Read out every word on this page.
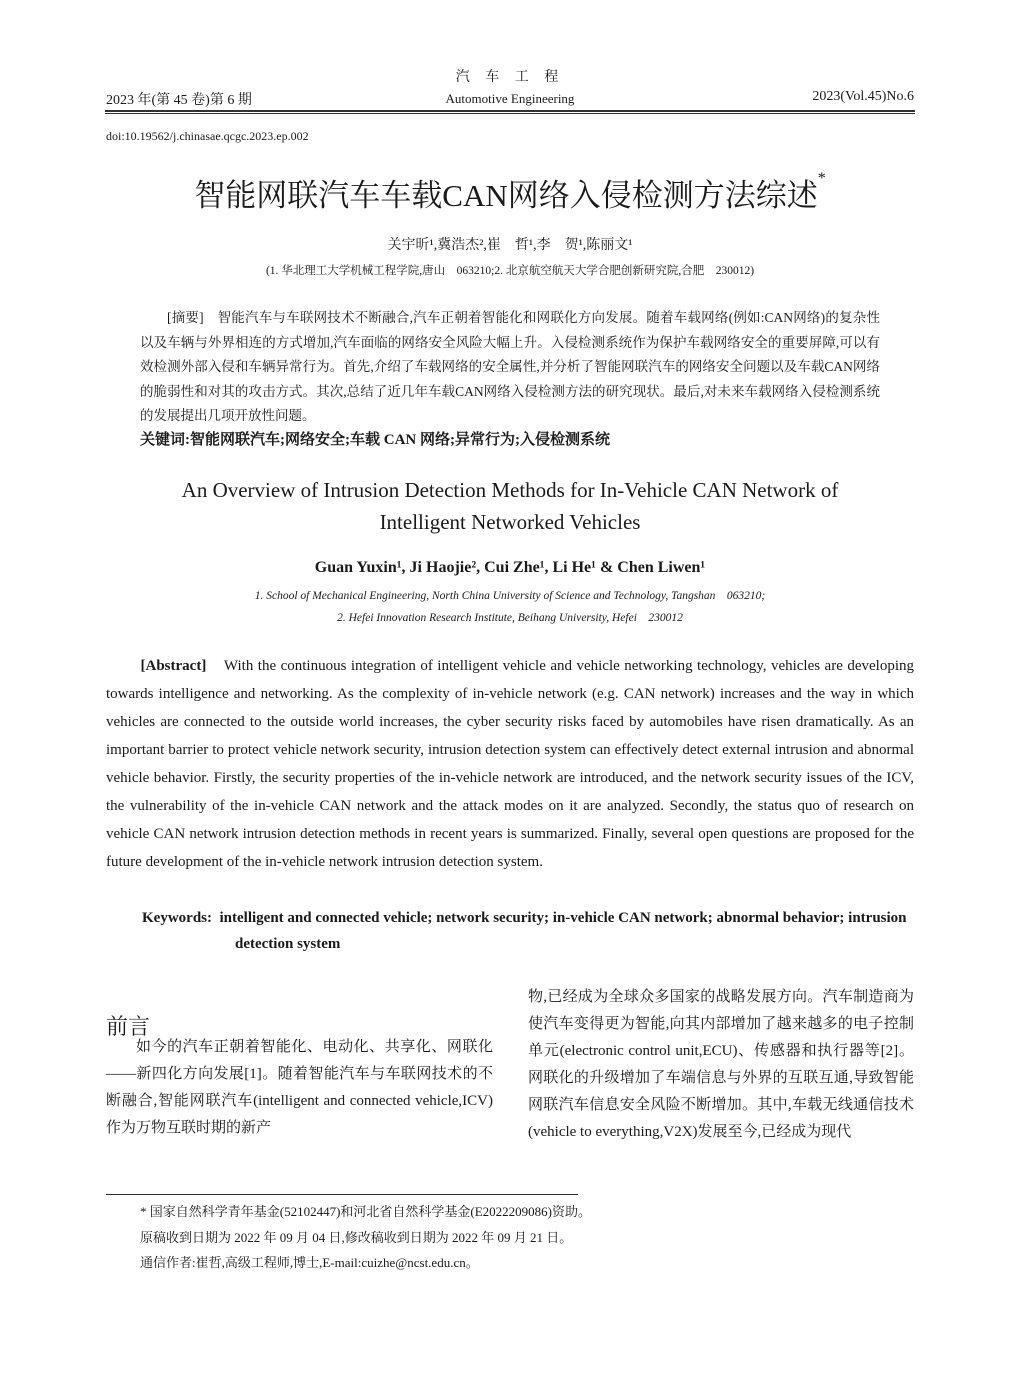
汽 车 工 程
2023 年(第 45 卷)第 6 期	Automotive Engineering	2023(Vol.45)No.6
doi:10.19562/j.chinasae.qcgc.2023.ep.002
智能网联汽车车载CAN网络入侵检测方法综述*
关宇昕¹,冀浩杰²,崔　哲¹,李　贺¹,陈丽文¹
(1. 华北理工大学机械工程学院,唐山　063210;2. 北京航空航天大学合肥创新研究院,合肥　230012)
[摘要]　 智能汽车与车联网技术不断融合,汽车正朝着智能化和网联化方向发展。随着车载网络(例如:CAN网络)的复杂性以及车辆与外界相连的方式增加,汽车面临的网络安全风险大幅上升。入侵检测系统作为保护车载网络安全的重要屏障,可以有效检测外部入侵和车辆异常行为。首先,介绍了车载网络的安全属性,并分析了智能网联汽车的网络安全问题以及车载CAN网络的脆弱性和对其的攻击方式。其次,总结了近几年车载CAN网络入侵检测方法的研究现状。最后,对未来车载网络入侵检测系统的发展提出几项开放性问题。
关键词:智能网联汽车;网络安全;车载 CAN 网络;异常行为;入侵检测系统
An Overview of Intrusion Detection Methods for In-Vehicle CAN Network of Intelligent Networked Vehicles
Guan Yuxin¹, Ji Haojie², Cui Zhe¹, Li He¹ & Chen Liwen¹
1. School of Mechanical Engineering, North China University of Science and Technology, Tangshan　063210;
2. Hefei Innovation Research Institute, Beihang University, Hefei　230012
[Abstract] With the continuous integration of intelligent vehicle and vehicle networking technology, vehicles are developing towards intelligence and networking. As the complexity of in-vehicle network (e.g. CAN network) increases and the way in which vehicles are connected to the outside world increases, the cyber security risks faced by automobiles have risen dramatically. As an important barrier to protect vehicle network security, intrusion detection system can effectively detect external intrusion and abnormal vehicle behavior. Firstly, the security properties of the in-vehicle network are introduced, and the network security issues of the ICV, the vulnerability of the in-vehicle CAN network and the attack modes on it are analyzed. Secondly, the status quo of research on vehicle CAN network intrusion detection methods in recent years is summarized. Finally, several open questions are proposed for the future development of the in-vehicle network intrusion detection system.
Keywords: intelligent and connected vehicle; network security; in-vehicle CAN network; abnormal behavior; intrusion detection system
前言
如今的汽车正朝着智能化、电动化、共享化、网联化——新四化方向发展[1]。随着智能汽车与车联网技术的不断融合,智能网联汽车(intelligent and connected vehicle,ICV)作为万物互联时期的新产
物,已经成为全球众多国家的战略发展方向。汽车制造商为使汽车变得更为智能,向其内部增加了越来越多的电子控制单元(electronic control unit,ECU)、传感器和执行器等[2]。网联化的升级增加了车端信息与外界的互联互通,导致智能网联汽车信息安全风险不断增加。其中,车载无线通信技术(vehicle to everything,V2X)发展至今,已经成为现代
* 国家自然科学青年基金(52102447)和河北省自然科学基金(E2022209086)资助。
原稿收到日期为 2022 年 09 月 04 日,修改稿收到日期为 2022 年 09 月 21 日。
通信作者:崔哲,高级工程师,博士,E-mail:cuizhe@ncst.edu.cn。
